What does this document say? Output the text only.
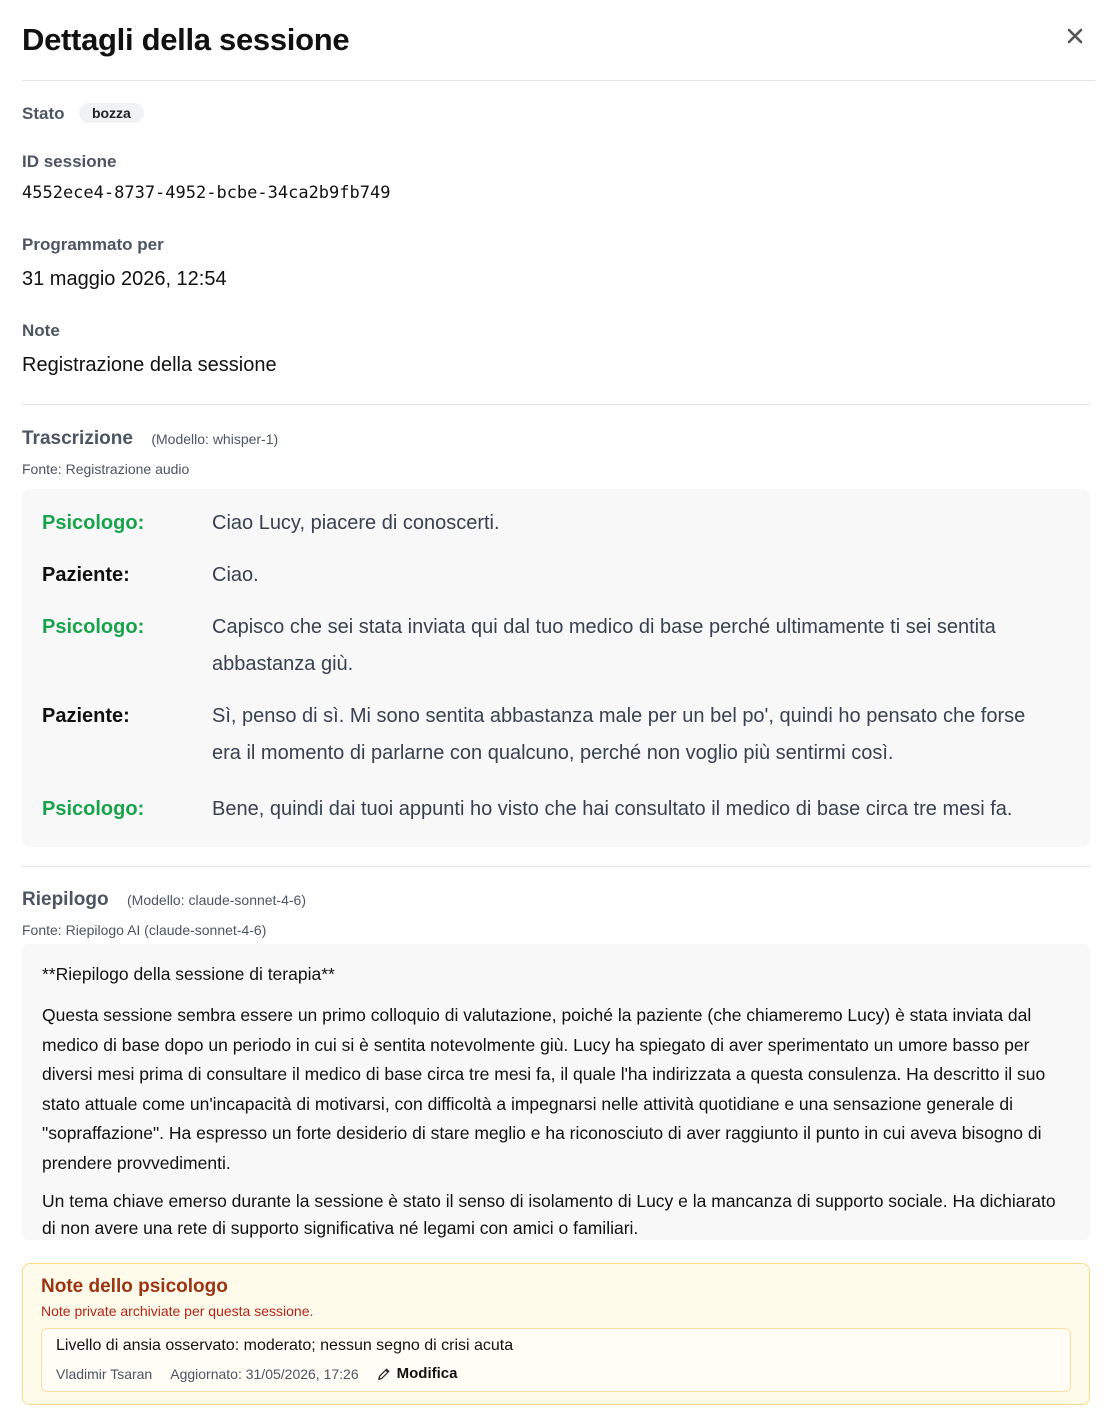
Dettagli della sessione
Stato bozza
ID sessione
4552ece4-8737-4952-bcbe-34ca2b9fb749
Programmato per
31 maggio 2026, 12:54
Note
Registrazione della sessione
Trascrizione (Modello: whisper-1)
Fonte: Registrazione audio
Psicologo:	Ciao Lucy, piacere di conoscerti.
Paziente:	Ciao.
Psicologo:	Capisco che sei stata inviata qui dal tuo medico di base perché ultimamente ti sei sentita abbastanza giù.
Paziente:	Sì, penso di sì. Mi sono sentita abbastanza male per un bel po', quindi ho pensato che forse era il momento di parlarne con qualcuno, perché non voglio più sentirmi così.
Psicologo:	Bene, quindi dai tuoi appunti ho visto che hai consultato il medico di base circa tre mesi fa.
Riepilogo (Modello: claude-sonnet-4-6)
Fonte: Riepilogo AI (claude-sonnet-4-6)

**Riepilogo della sessione di terapia**

Questa sessione sembra essere un primo colloquio di valutazione, poiché la paziente (che chiameremo Lucy) è stata inviata dal medico di base dopo un periodo in cui si è sentita notevolmente giù. Lucy ha spiegato di aver sperimentato un umore basso per diversi mesi prima di consultare il medico di base circa tre mesi fa, il quale l'ha indirizzata a questa consulenza. Ha descritto il suo stato attuale come un'incapacità di motivarsi, con difficoltà a impegnarsi nelle attività quotidiane e una sensazione generale di "sopraffazione". Ha espresso un forte desiderio di stare meglio e ha riconosciuto di aver raggiunto il punto in cui aveva bisogno di prendere provvedimenti.

Un tema chiave emerso durante la sessione è stato il senso di isolamento di Lucy e la mancanza di supporto sociale. Ha dichiarato di non avere una rete di supporto significativa né legami con amici o familiari.

Note dello psicologo
Note private archiviate per questa sessione.
Livello di ansia osservato: moderato; nessun segno di crisi acuta
Vladimir Tsaran Aggiornato: 31/05/2026, 17:26	Modifica
